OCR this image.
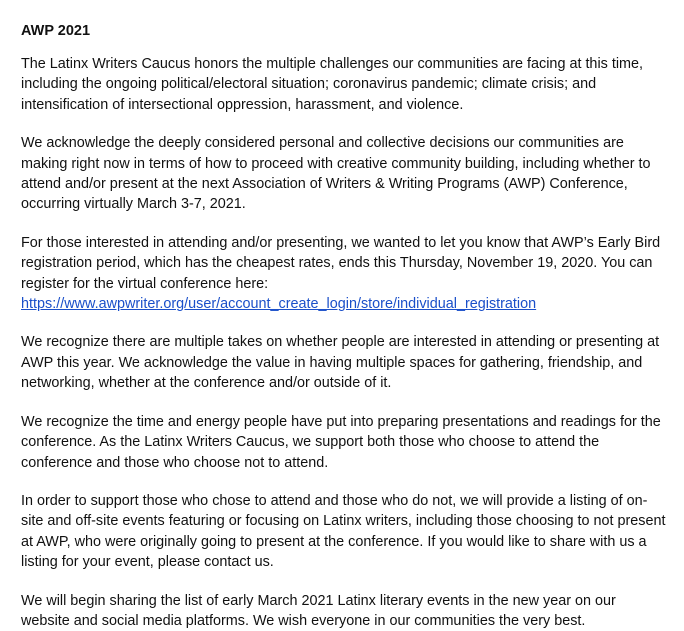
AWP 2021

The Latinx Writers Caucus honors the multiple challenges our communities are facing at this time, including the ongoing political/electoral situation; coronavirus pandemic; climate crisis; and intensification of intersectional oppression, harassment, and violence.

We acknowledge the deeply considered personal and collective decisions our communities are making right now in terms of how to proceed with creative community building, including whether to attend and/or present at the next Association of Writers & Writing Programs (AWP) Conference, occurring virtually March 3-7, 2021.

For those interested in attending and/or presenting, we wanted to let you know that AWP’s Early Bird registration period, which has the cheapest rates, ends this Thursday, November 19, 2020. You can register for the virtual conference here:
https://www.awpwriter.org/user/account_create_login/store/individual_registration

We recognize there are multiple takes on whether people are interested in attending or presenting at AWP this year. We acknowledge the value in having multiple spaces for gathering, friendship, and networking, whether at the conference and/or outside of it.

We recognize the time and energy people have put into preparing presentations and readings for the conference. As the Latinx Writers Caucus, we support both those who choose to attend the conference and those who choose not to attend.

In order to support those who chose to attend and those who do not, we will provide a listing of on-site and off-site events featuring or focusing on Latinx writers, including those choosing to not present at AWP, who were originally going to present at the conference. If you would like to share with us a listing for your event, please contact us.

We will begin sharing the list of early March 2021 Latinx literary events in the new year on our website and social media platforms. We wish everyone in our communities the very best.
